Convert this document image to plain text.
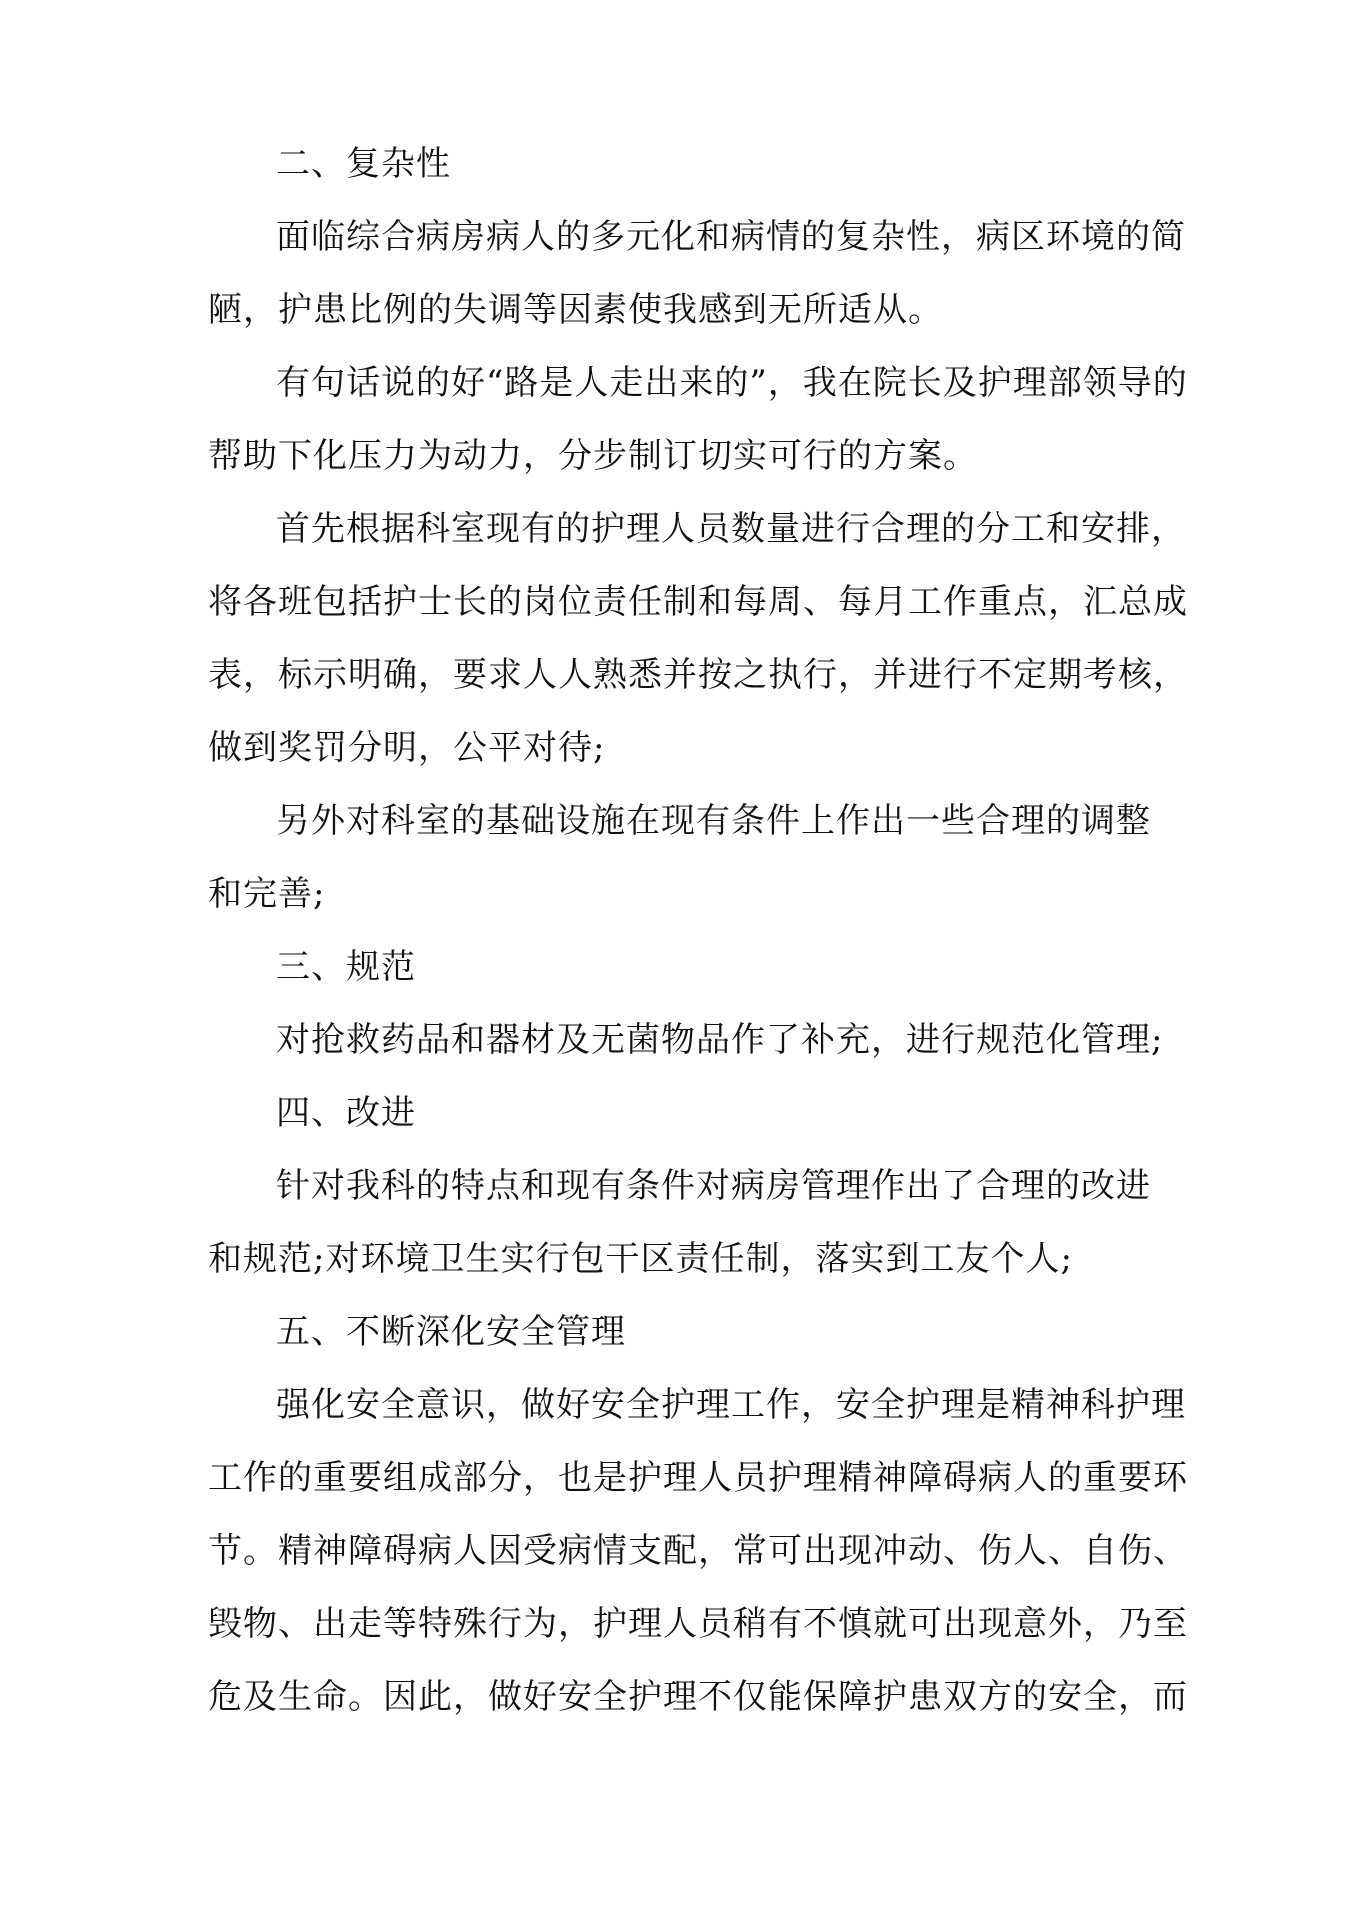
二、复杂性
面临综合病房病人的多元化和病情的复杂性，病区环境的简
陋，护患比例的失调等因素使我感到无所适从。
有句话说的好“路是人走出来的”，我在院长及护理部领导的
帮助下化压力为动力，分步制订切实可行的方案。
首先根据科室现有的护理人员数量进行合理的分工和安排，
将各班包括护士长的岗位责任制和每周、每月工作重点，汇总成
表，标示明确，要求人人熟悉并按之执行，并进行不定期考核，
做到奖罚分明，公平对待;
另外对科室的基础设施在现有条件上作出一些合理的调整
和完善;
三、规范
对抢救药品和器材及无菌物品作了补充，进行规范化管理;
四、改进
针对我科的特点和现有条件对病房管理作出了合理的改进
和规范;对环境卫生实行包干区责任制，落实到工友个人;
五、不断深化安全管理
强化安全意识，做好安全护理工作，安全护理是精神科护理
工作的重要组成部分，也是护理人员护理精神障碍病人的重要环
节。精神障碍病人因受病情支配，常可出现冲动、伤人、自伤、
毁物、出走等特殊行为，护理人员稍有不慎就可出现意外，乃至
危及生命。因此，做好安全护理不仅能保障护患双方的安全，而
